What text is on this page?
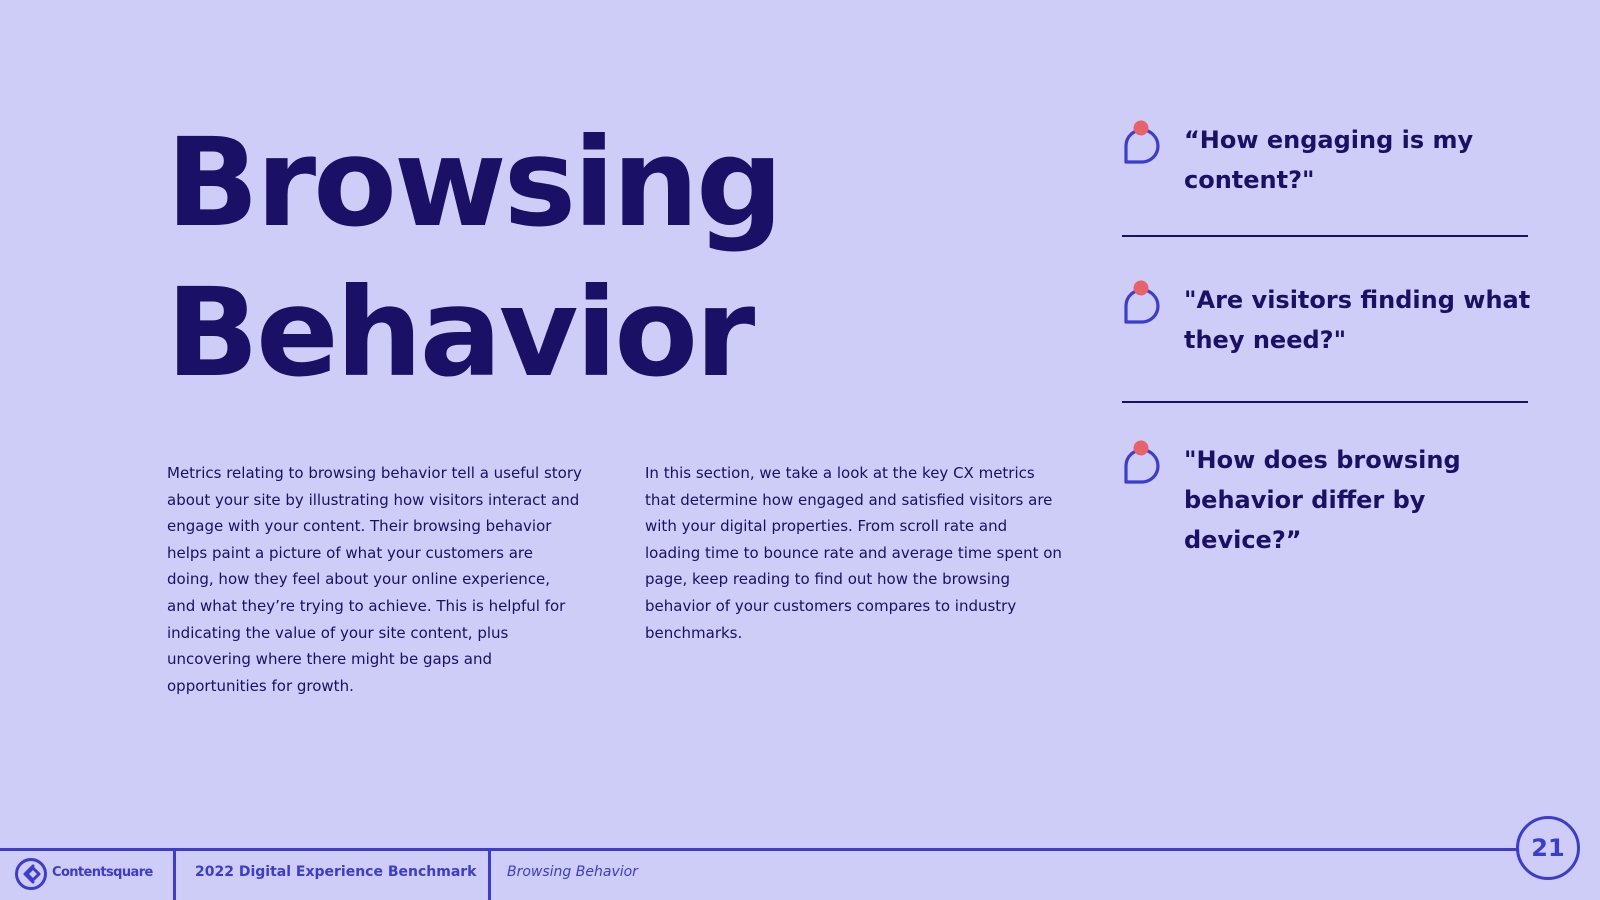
Browsing
Behavior

Metrics relating to browsing behavior tell a useful story about your site by illustrating how visitors interact and engage with your content. Their browsing behavior helps paint a picture of what your customers are doing, how they feel about your online experience, and what they’re trying to achieve. This is helpful for indicating the value of your site content, plus uncovering where there might be gaps and opportunities for growth.

In this section, we take a look at the key CX metrics that determine how engaged and satisfied visitors are with your digital properties. From scroll rate and loading time to bounce rate and average time spent on page, keep reading to find out how the browsing behavior of your customers compares to industry benchmarks.

“How engaging is my content?"

"Are visitors finding what they need?"

"How does browsing behavior differ by device?”

Contentsquare	2022 Digital Experience Benchmark Browsing Behavior
21
